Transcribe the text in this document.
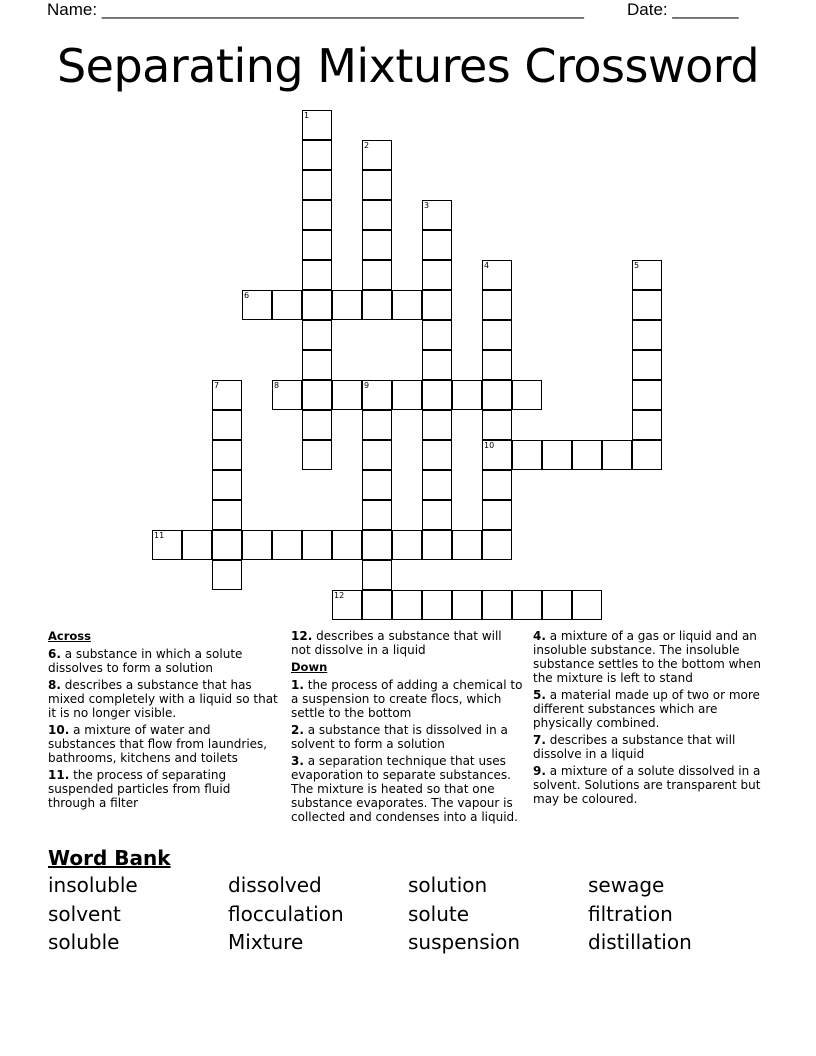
Name: ___________________________________________________	Date: _______
Separating Mixtures Crossword
1
2
3
4
10
5
6
7	8	9
11
12
Across
6. a substance in which a solute dissolves to form a solution
8. describes a substance that has mixed completely with a liquid so that it is no longer visible.
10. a mixture of water and substances that flow from laundries, bathrooms, kitchens and toilets
11. the process of separating suspended particles from fluid through a filter
12. describes a substance that will not dissolve in a liquid
Down
1. the process of adding a chemical to a suspension to create flocs, which settle to the bottom
2. a substance that is dissolved in a solvent to form a solution
3. a separation technique that uses evaporation to separate substances. The mixture is heated so that one substance evaporates. The vapour is collected and condenses into a liquid.
4. a mixture of a gas or liquid and an insoluble substance. The insoluble substance settles to the bottom when the mixture is left to stand
5. a material made up of two or more different substances which are physically combined.
7. describes a substance that will dissolve in a liquid
9. a mixture of a solute dissolved in a solvent. Solutions are transparent but may be coloured.
Word Bank
insoluble	dissolved	solution	sewage
solvent	flocculation	solute	filtration
soluble	Mixture	suspension	distillation
